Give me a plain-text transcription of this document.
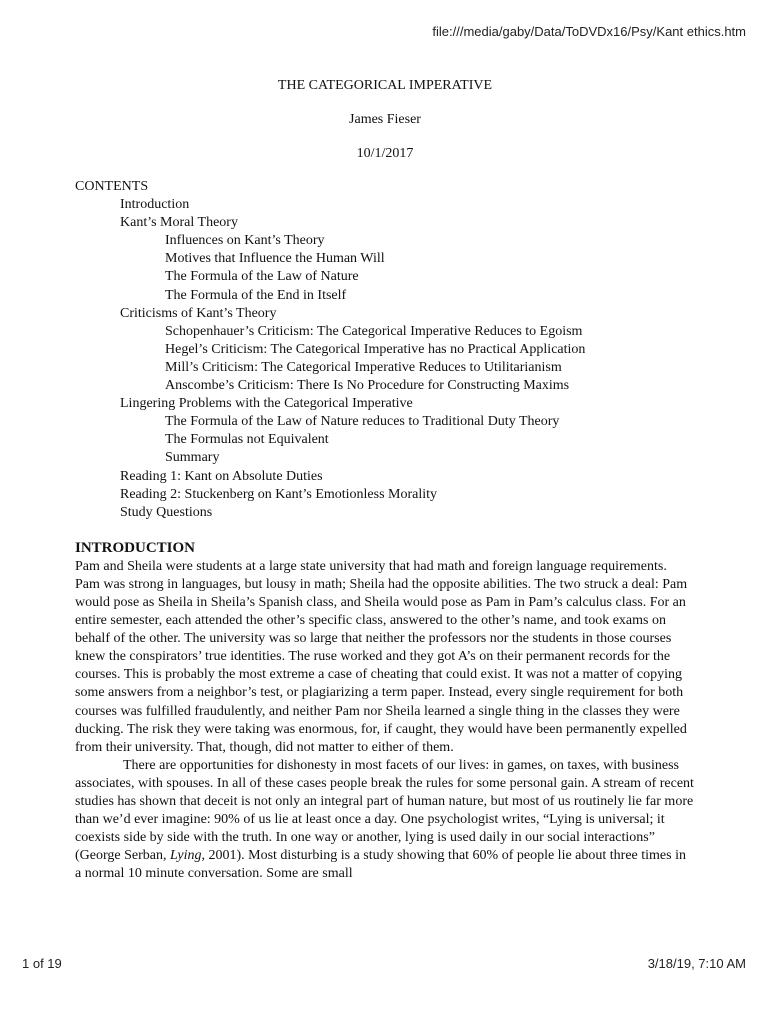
file:///media/gaby/Data/ToDVDx16/Psy/Kant ethics.htm
THE CATEGORICAL IMPERATIVE
James Fieser
10/1/2017
CONTENTS
Introduction
Kant’s Moral Theory
Influences on Kant’s Theory
Motives that Influence the Human Will
The Formula of the Law of Nature
The Formula of the End in Itself
Criticisms of Kant’s Theory
Schopenhauer’s Criticism: The Categorical Imperative Reduces to Egoism
Hegel’s Criticism: The Categorical Imperative has no Practical Application
Mill’s Criticism: The Categorical Imperative Reduces to Utilitarianism
Anscombe’s Criticism: There Is No Procedure for Constructing Maxims
Lingering Problems with the Categorical Imperative
The Formula of the Law of Nature reduces to Traditional Duty Theory
The Formulas not Equivalent
Summary
Reading 1: Kant on Absolute Duties
Reading 2: Stuckenberg on Kant’s Emotionless Morality
Study Questions
INTRODUCTION

Pam and Sheila were students at a large state university that had math and foreign language requirements. Pam was strong in languages, but lousy in math; Sheila had the opposite abilities. The two struck a deal: Pam would pose as Sheila in Sheila’s Spanish class, and Sheila would pose as Pam in Pam’s calculus class. For an entire semester, each attended the other’s specific class, answered to the other’s name, and took exams on behalf of the other. The university was so large that neither the professors nor the students in those courses knew the conspirators’ true identities. The ruse worked and they got A’s on their permanent records for the courses. This is probably the most extreme a case of cheating that could exist. It was not a matter of copying some answers from a neighbor’s test, or plagiarizing a term paper. Instead, every single requirement for both courses was fulfilled fraudulently, and neither Pam nor Sheila learned a single thing in the classes they were ducking. The risk they were taking was enormous, for, if caught, they would have been permanently expelled from their university. That, though, did not matter to either of them.

There are opportunities for dishonesty in most facets of our lives: in games, on taxes, with business associates, with spouses. In all of these cases people break the rules for some personal gain. A stream of recent studies has shown that deceit is not only an integral part of human nature, but most of us routinely lie far more than we’d ever imagine: 90% of us lie at least once a day. One psychologist writes, “Lying is universal; it coexists side by side with the truth. In one way or another, lying is used daily in our social interactions” (George Serban, Lying, 2001). Most disturbing is a study showing that 60% of people lie about three times in a normal 10 minute conversation. Some are small

1 of 19	3/18/19, 7:10 AM
